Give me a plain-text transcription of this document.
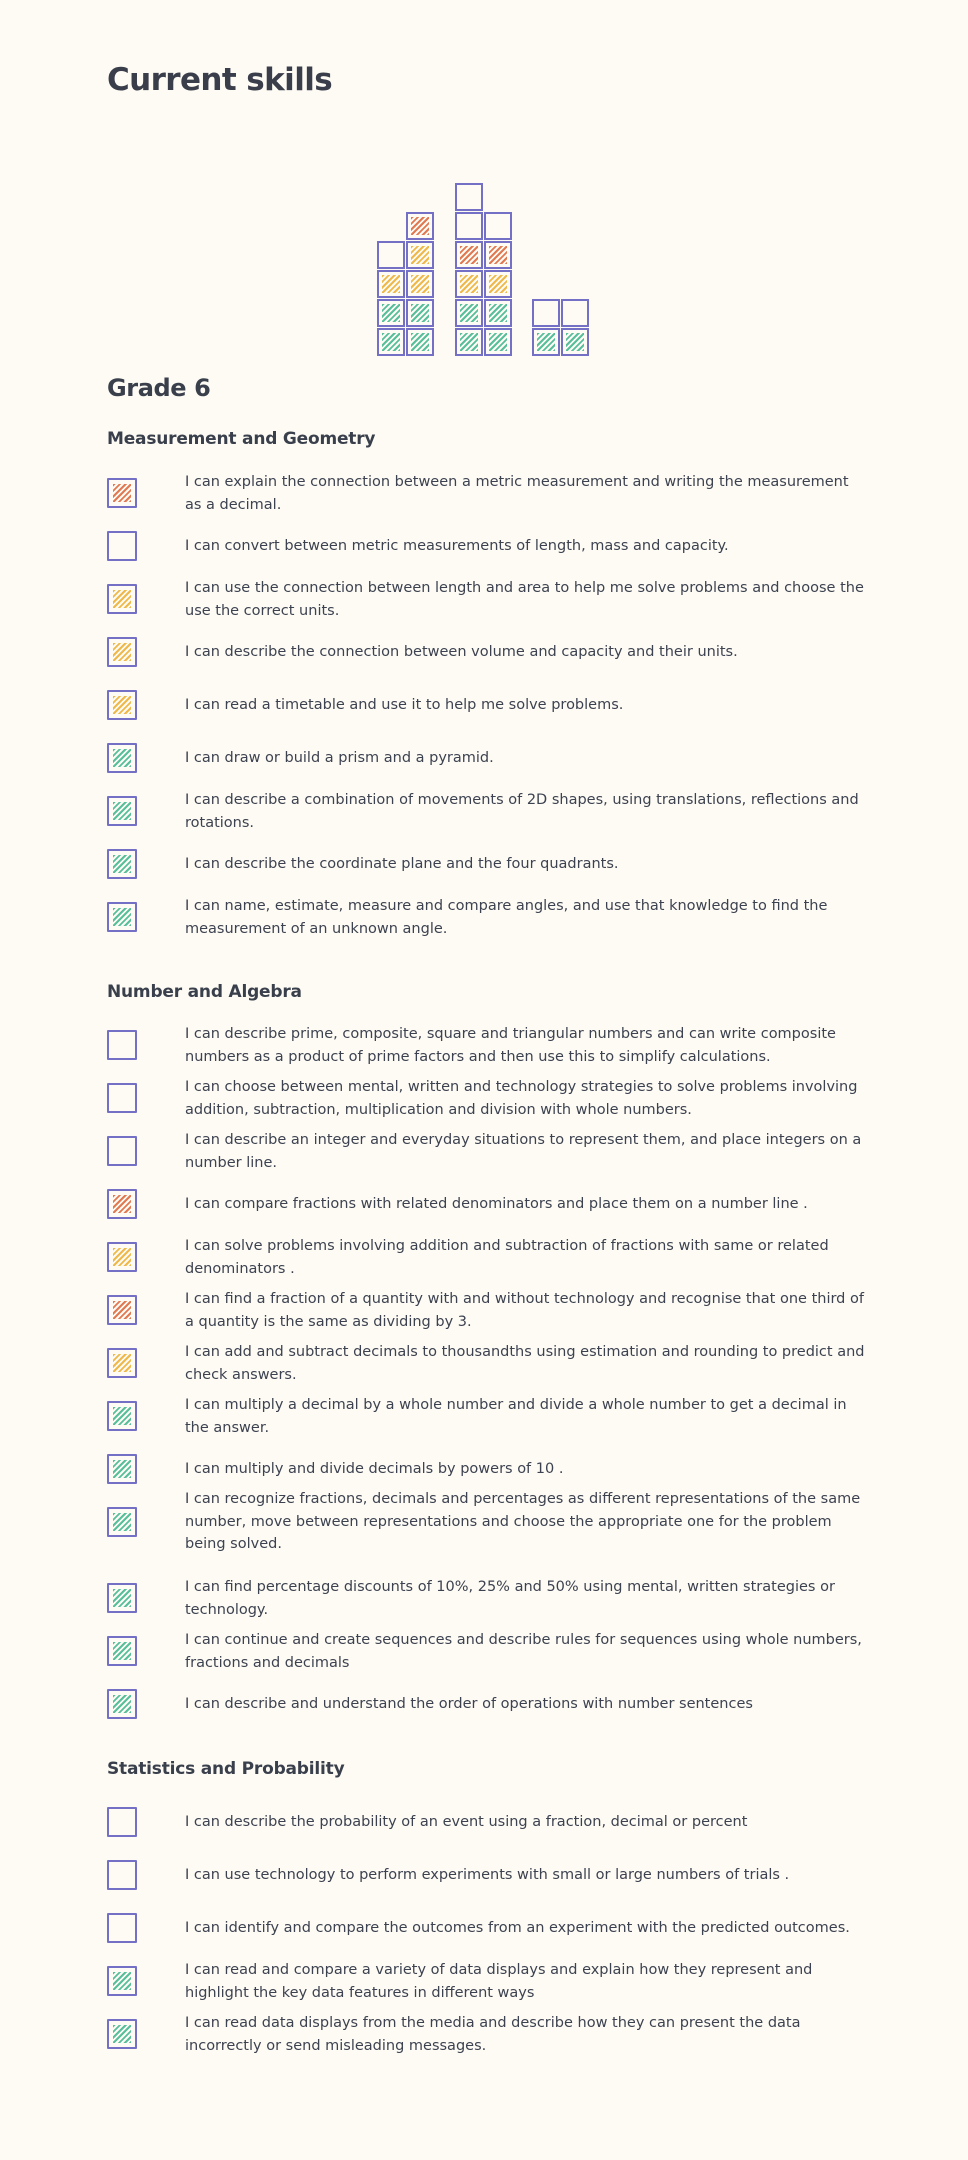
Current skills
Grade 6
Measurement and Geometry
I can explain the connection between a metric measurement and writing the measurement as a decimal.
I can convert between metric measurements of length, mass and capacity.
I can use the connection between length and area to help me solve problems and choose the use the correct units.
I can describe the connection between volume and capacity and their units.
I can read a timetable and use it to help me solve problems.
I can draw or build a prism and a pyramid.
I can describe a combination of movements of 2D shapes, using translations, reflections and rotations.
I can describe the coordinate plane and the four quadrants.
I can name, estimate, measure and compare angles, and use that knowledge to find the measurement of an unknown angle.
Number and Algebra
I can describe prime, composite, square and triangular numbers and can write composite numbers as a product of prime factors and then use this to simplify calculations.
I can choose between mental, written and technology strategies to solve problems involving addition, subtraction, multiplication and division with whole numbers.
I can describe an integer and everyday situations to represent them, and place integers on a number line.
I can compare fractions with related denominators and place them on a number line .
I can solve problems involving addition and subtraction of fractions with same or related denominators .
I can find a fraction of a quantity with and without technology and recognise that one third of a quantity is the same as dividing by 3.
I can add and subtract decimals to thousandths using estimation and rounding to predict and check answers.
I can multiply a decimal by a whole number and divide a whole number to get a decimal in the answer.
I can multiply and divide decimals by powers of 10 .
I can recognize fractions, decimals and percentages as different representations of the same number, move between representations and choose the appropriate one for the problem being solved.
I can find percentage discounts of 10%, 25% and 50% using mental, written strategies or technology.
I can continue and create sequences and describe rules for sequences using whole numbers, fractions and decimals
I can describe and understand the order of operations with number sentences
Statistics and Probability
I can describe the probability of an event using a fraction, decimal or percent
I can use technology to perform experiments with small or large numbers of trials .
I can identify and compare the outcomes from an experiment with the predicted outcomes.
I can read and compare a variety of data displays and explain how they represent and highlight the key data features in different ways
I can read data displays from the media and describe how they can present the data incorrectly or send misleading messages.
